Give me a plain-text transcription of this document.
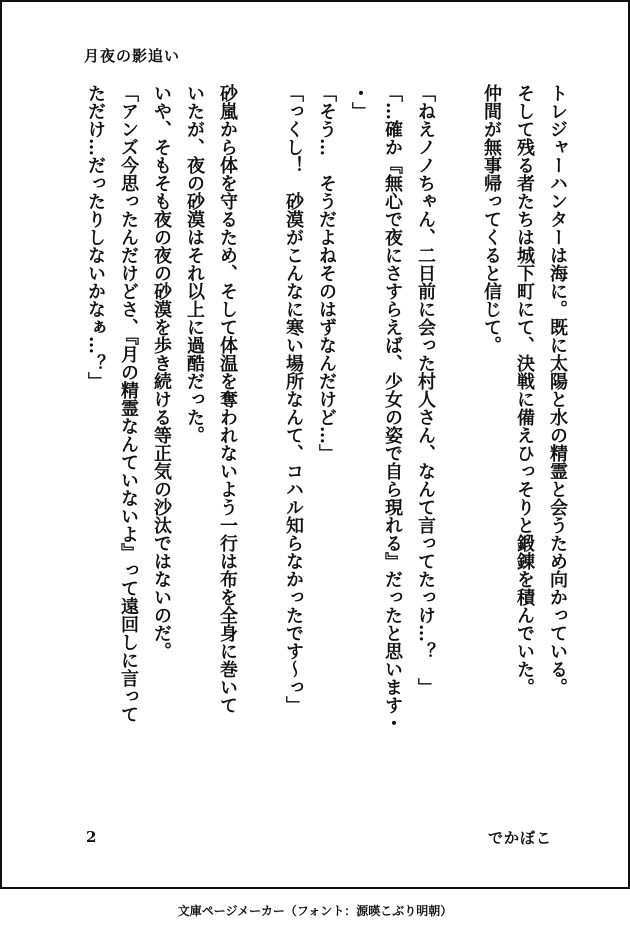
月夜の影追い
トレジャーハンターは海に。既に太陽と水の精霊と会うため向かっている。
そして残る者たちは城下町にて、決戦に備えひっそりと鍛錬を積んでいた。
仲間が無事帰ってくると信じて。

「ねえノノちゃん、二日前に会った村人さん、なんて言ってたっけ…？　」
「…確か『無心で夜にさすらえば、少女の姿で自ら現れる』だったと思います・
・」
「そう…　そうだよねそのはずなんだけど…」
「っくし！　砂漠がこんなに寒い場所なんて、コハル知らなかったです〜っ」

砂嵐から体を守るため、そして体温を奪われないよう一行は布を全身に巻いて
いたが、夜の砂漠はそれ以上に過酷だった。
いや、そもそも夜の夜の砂漠を歩き続ける等正気の沙汰ではないのだ。
「アンズ今思ったんだけどさ、『月の精霊なんていないよ』って遠回しに言って
ただけ…だったりしないかなぁ…？」
2	でかぼこ
文庫ページメーカー（フォント：源暎こぶり明朝）
